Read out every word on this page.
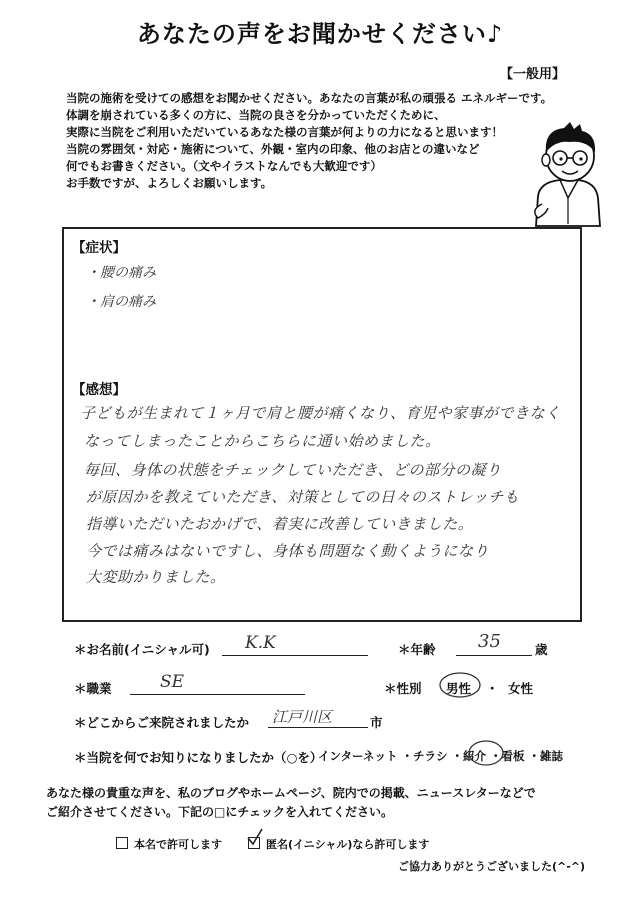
あなたの声をお聞かせください♪
【一般用】
当院の施術を受けての感想をお聞かせください。あなたの言葉が私の頑張る エネルギーです。
体調を崩されている多くの方に、当院の良さを分かっていただくために、
実際に当院をご利用いただいているあなた様の言葉が何よりの力になると思います！
当院の雰囲気・対応・施術について、外観・室内の印象、他のお店との違いなど
何でもお書きください。（文やイラストなんでも大歓迎です）
お手数ですが、よろしくお願いします。
【症状】
・腰の痛み
・肩の痛み
【感想】
子どもが生まれて１ヶ月で肩と腰が痛くなり、育児や家事ができなく
なってしまったことからこちらに通い始めました。
毎回、身体の状態をチェックしていただき、どの部分の凝り
が原因かを教えていただき、対策としての日々のストレッチも
指導いただいたおかげで、着実に改善していきました。
今では痛みはないですし、身体も問題なく動くようになり
大変助かりました。
＊お名前(イニシャル可) K.K	＊年齢 35	歳
＊職業	SE	＊性別 男性 ・ 女性
＊どこからご来院されましたか 江戸川区	市
＊当院を何でお知りになりましたか（○を）
インターネット ・チラシ ・紹介 ・看板 ・雑誌
あなた様の貴重な声を、私のブログやホームページ、院内での掲載、ニュースレターなどで
ご紹介させてください。下記の□にチェックを入れてください。
本名で許可します	匿名(イニシャル)なら許可します
ご協力ありがとうございました(^-^)
